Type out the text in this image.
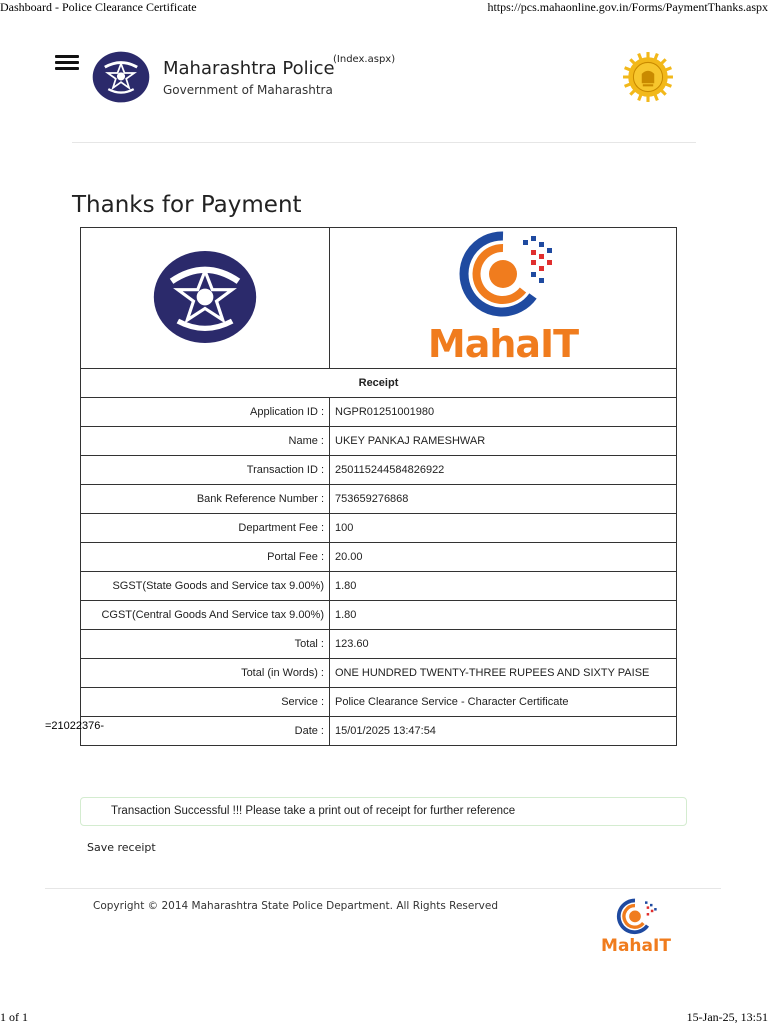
Dashboard - Police Clearance Certificate	https://pcs.mahaonline.gov.in/Forms/PaymentThanks.aspx
1 of 1	15-Jan-25, 13:51
Maharashtra Police
(Index.aspx)
Government of Maharashtra
Thanks for Payment

MahaIT

Receipt	
Application ID :	NGPR01251001980
Name :	UKEY PANKAJ RAMESHWAR
Transaction ID :	250115244584826922
Bank Reference Number :	753659276868
Department Fee :	100
Portal Fee :	20.00
SGST(State Goods and Service tax 9.00%)	1.80
CGST(Central Goods And Service tax 9.00%)	1.80
Total :	123.60
Total (in Words) :	ONE HUNDRED TWENTY-THREE RUPEES AND SIXTY PAISE
Service :	Police Clearance Service - Character Certificate
Date :	15/01/2025 13:47:54
=21022376-
Transaction Successful !!! Please take a print out of receipt for further reference
Save receipt
Copyright © 2014 Maharashtra State Police Department. All Rights Reserved
MahaIT
